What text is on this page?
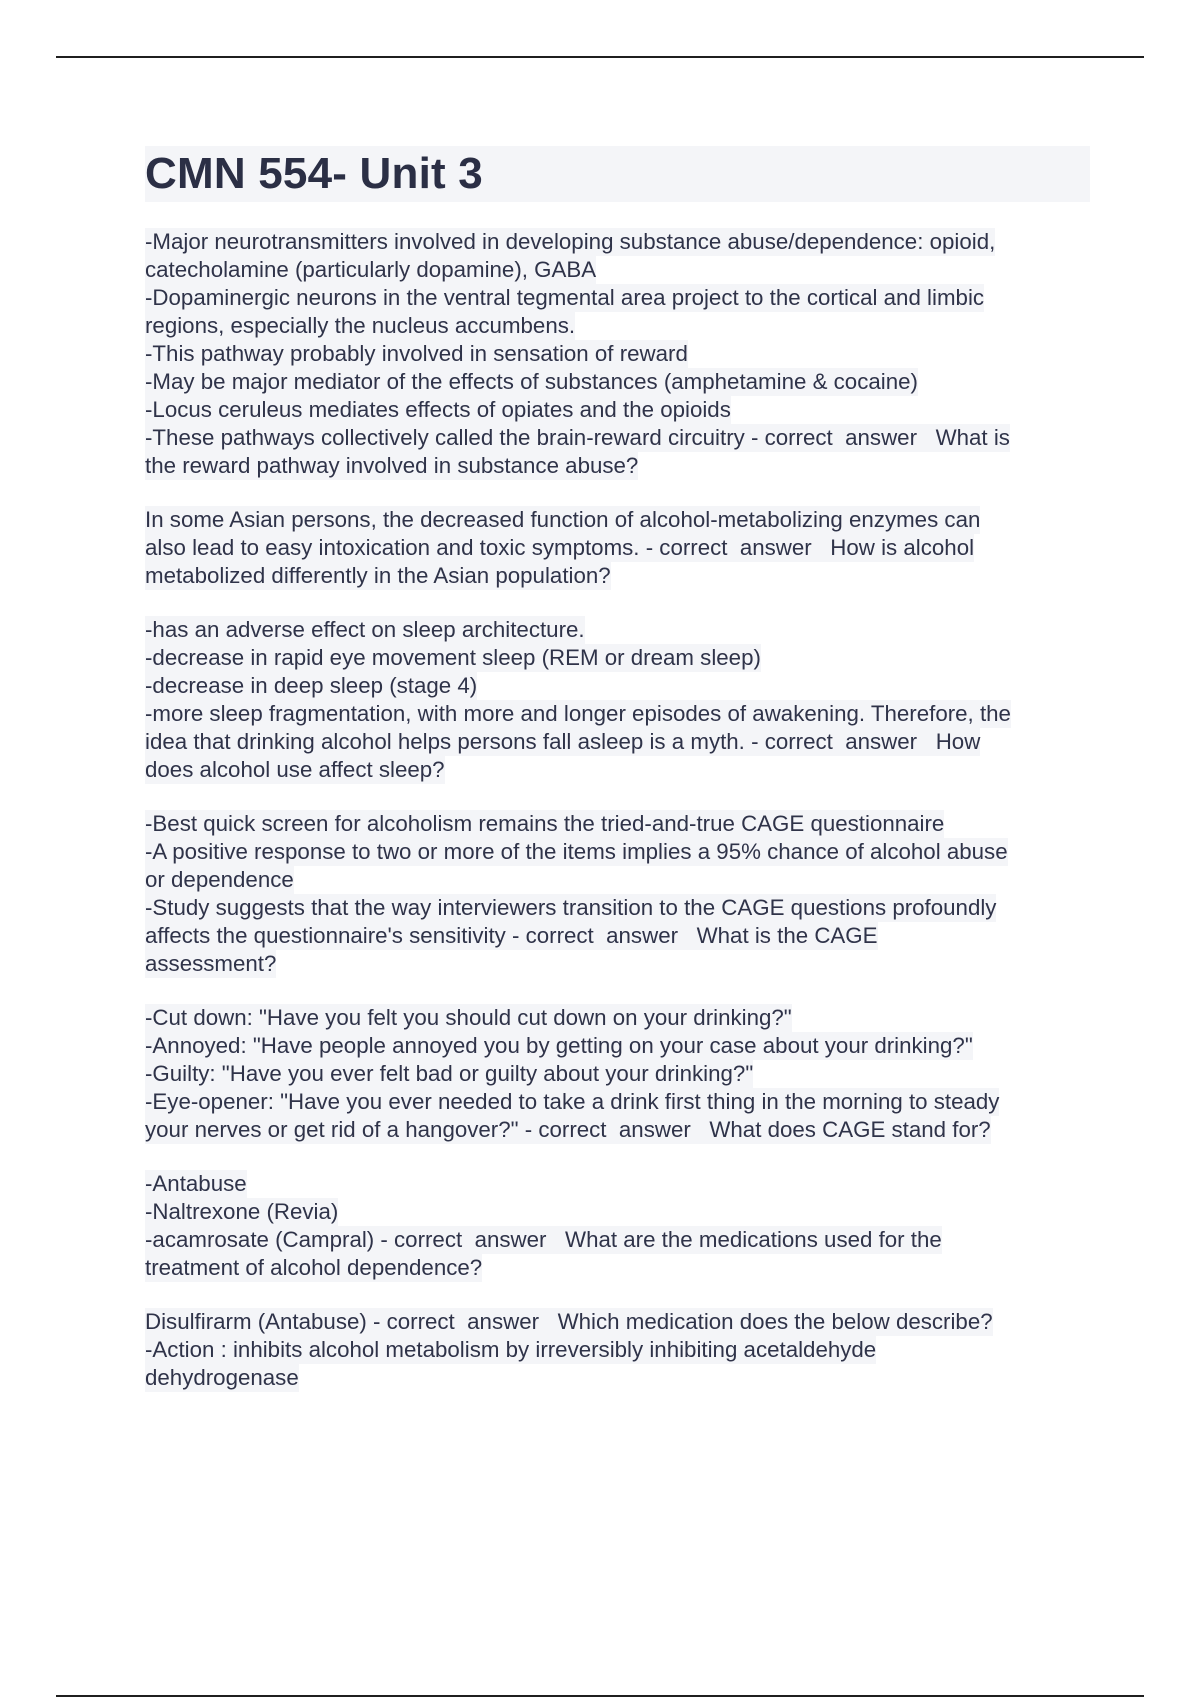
CMN 554- Unit 3
-Major neurotransmitters involved in developing substance abuse/dependence: opioid,
catecholamine (particularly dopamine), GABA
-Dopaminergic neurons in the ventral tegmental area project to the cortical and limbic
regions, especially the nucleus accumbens.
-This pathway probably involved in sensation of reward
-May be major mediator of the effects of substances (amphetamine & cocaine)
-Locus ceruleus mediates effects of opiates and the opioids
-These pathways collectively called the brain-reward circuitry - correct  answer   What is
the reward pathway involved in substance abuse?
In some Asian persons, the decreased function of alcohol-metabolizing enzymes can
also lead to easy intoxication and toxic symptoms. - correct  answer   How is alcohol
metabolized differently in the Asian population?
-has an adverse effect on sleep architecture.
-decrease in rapid eye movement sleep (REM or dream sleep)
-decrease in deep sleep (stage 4)
-more sleep fragmentation, with more and longer episodes of awakening. Therefore, the
idea that drinking alcohol helps persons fall asleep is a myth. - correct  answer   How
does alcohol use affect sleep?
-Best quick screen for alcoholism remains the tried-and-true CAGE questionnaire
-A positive response to two or more of the items implies a 95% chance of alcohol abuse
or dependence
-Study suggests that the way interviewers transition to the CAGE questions profoundly
affects the questionnaire's sensitivity - correct  answer   What is the CAGE
assessment?
-Cut down: "Have you felt you should cut down on your drinking?"
-Annoyed: "Have people annoyed you by getting on your case about your drinking?"
-Guilty: "Have you ever felt bad or guilty about your drinking?"
-Eye-opener: "Have you ever needed to take a drink first thing in the morning to steady
your nerves or get rid of a hangover?" - correct  answer   What does CAGE stand for?
-Antabuse
-Naltrexone (Revia)
-acamrosate (Campral) - correct  answer   What are the medications used for the
treatment of alcohol dependence?
Disulfirarm (Antabuse) - correct  answer   Which medication does the below describe?
-Action : inhibits alcohol metabolism by irreversibly inhibiting acetaldehyde
dehydrogenase
